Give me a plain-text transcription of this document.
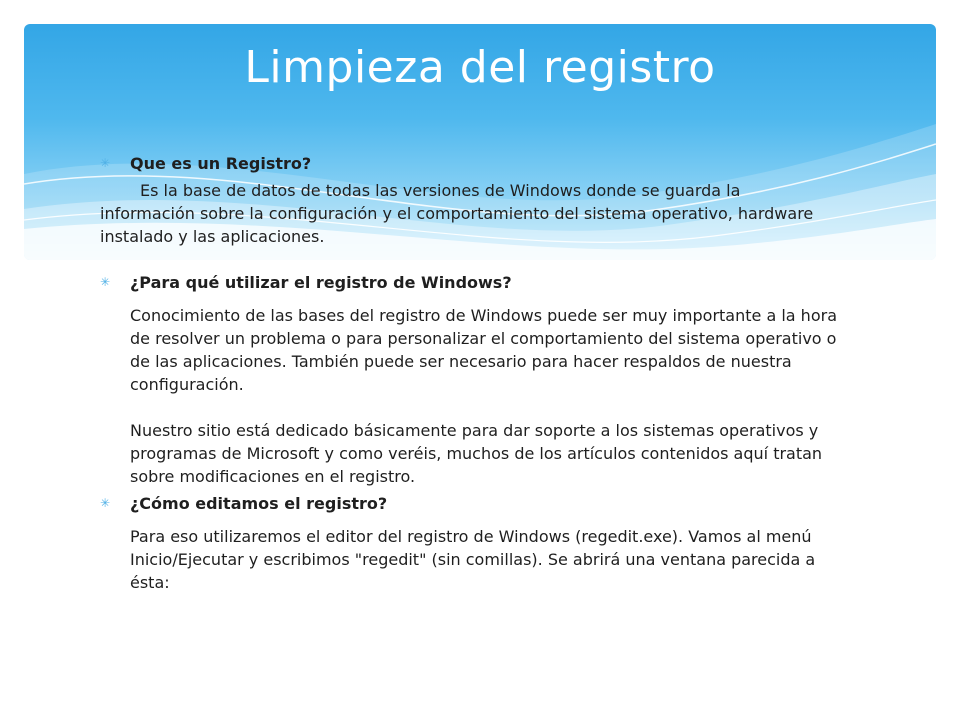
Limpieza del registro
✳ Que es un Registro?

Es la base de datos de todas las versiones de Windows donde se guarda la información sobre la configuración y el comportamiento del sistema operativo, hardware instalado y las aplicaciones.

✳ ¿Para qué utilizar el registro de Windows?

Conocimiento de las bases del registro de Windows puede ser muy importante a la hora de resolver un problema o para personalizar el comportamiento del sistema operativo o de las aplicaciones. También puede ser necesario para hacer respaldos de nuestra configuración.

Nuestro sitio está dedicado básicamente para dar soporte a los sistemas operativos y programas de Microsoft y como veréis, muchos de los artículos contenidos aquí tratan sobre modificaciones en el registro.

✳ ¿Cómo editamos el registro?

Para eso utilizaremos el editor del registro de Windows (regedit.exe). Vamos al menú Inicio/Ejecutar y escribimos "regedit" (sin comillas). Se abrirá una ventana parecida a ésta:
